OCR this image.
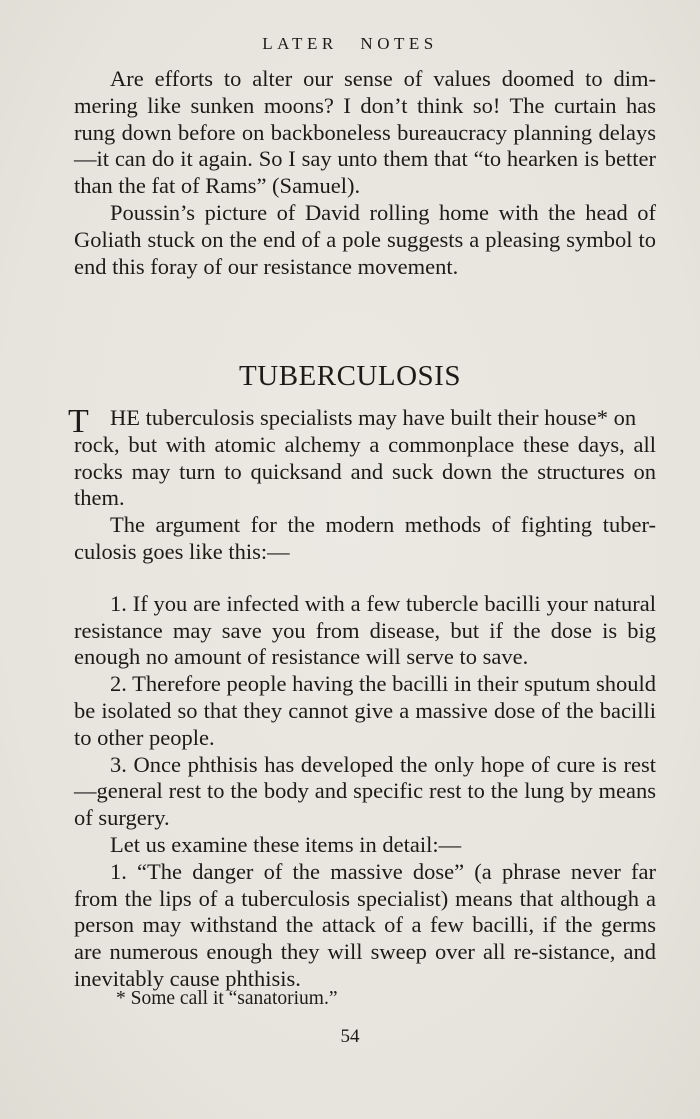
LATER NOTES

Are efforts to alter our sense of values doomed to dim-mering like sunken moons? I don’t think so! The curtain has rung down before on backboneless bureaucracy planning delays—it can do it again. So I say unto them that “to hearken is better than the fat of Rams” (Samuel).

Poussin’s picture of David rolling home with the head of Goliath stuck on the end of a pole suggests a pleasing symbol to end this foray of our resistance movement.

TUBERCULOSIS

T HE tuberculosis specialists may have built their house* on
rock, but with atomic alchemy a commonplace these days, all rocks may turn to quicksand and suck down the structures on them.

The argument for the modern methods of fighting tuber-culosis goes like this:—

1. If you are infected with a few tubercle bacilli your natural resistance may save you from disease, but if the dose is big enough no amount of resistance will serve to save.

2. Therefore people having the bacilli in their sputum should be isolated so that they cannot give a massive dose of the bacilli to other people.

3. Once phthisis has developed the only hope of cure is rest—general rest to the body and specific rest to the lung by means of surgery.

Let us examine these items in detail:—

1. “The danger of the massive dose” (a phrase never far from the lips of a tuberculosis specialist) means that although a person may withstand the attack of a few bacilli, if the germs are numerous enough they will sweep over all re-sistance, and inevitably cause phthisis.

* Some call it “sanatorium.”
54
